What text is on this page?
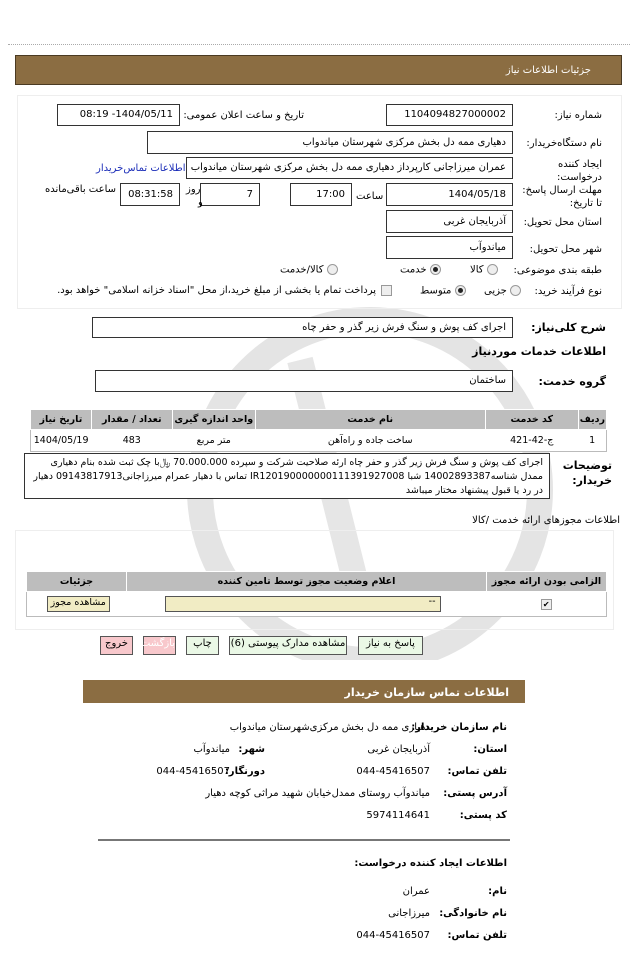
جزئیات اطلاعات نیاز
شماره نیاز:
1104094827000002
تاریخ و ساعت اعلان عمومی:
1404/05/11- 08:19
نام دستگاه‌خریدار:
دهیاری ممه دل بخش مرکزی شهرستان میاندواب
ایجاد کننده درخواست:
عمران میرزاجانی کارپرداز دهیاری ممه دل بخش مرکزی شهرستان میاندواب
اطلاعات تماس‌خریدار
مهلت ارسال پاسخ: تا تاریخ:
1404/05/18
ساعت
17:00
7
روز
و
08:31:58
ساعت باقی‌مانده
استان محل تحویل:
آذربایجان غربی
شهر محل تحویل:
میاندوآب
طبقه بندی موضوعی:
کالا
خدمت
کالا/خدمت
نوع فرآیند خرید:
جزیی
متوسط
پرداخت تمام یا بخشی از مبلغ خرید،از محل "اسناد خزانه اسلامی" خواهد بود.
شرح کلی‌نیاز:
اجرای کف پوش و سنگ فرش زیر گذر و حفر چاه
اطلاعات خدمات موردنیاز
گروه خدمت:
ساختمان
ردیف	کد خدمت	نام خدمت	واحد اندازه گیری	تعداد / مقدار	تاریخ نیاز
1	ج-42-421	ساخت جاده و راه‌آهن	متر مربع	483	1404/05/19
اجرای کف پوش و سنگ فرش زیر گذر و حفر چاه ارئه صلاحیت شرکت و سپرده 70.000.000 ﷼با چک ثبت شده بنام دهیاری ممدل شناسه14002893387 شبا IR120190000000111391927008 تماس با دهیار عمرام میرزاجانی09143817913 دهیار در رد یا قبول پیشنهاد مختار میباشد
توضیحات خریدار:
اطلاعات مجوزهای ارائه خدمت /کالا
الزامی بودن ارائه مجوز	اعلام وضعیت مجوز توسط تامین کننده	جزئیات
✔	--	مشاهده مجوز
پاسخ به نیاز
مشاهده مدارک پیوستی (6)
چاپ
بازگشت
خروج
اطلاعات تماس سازمان خریدار
نام سازمان خریدار:
دهیاری ممه دل بخش مرکزی‌شهرستان میاندواب
استان:
آذربایجان غربی
شهر:
میاندوآب
تلفن تماس:
044-45416507
دورنگار:
044-45416507
آدرس پستی:
میاندوآب روستای ممدل‌خیابان شهید مراثی کوچه دهیار
کد پستی:
5974114641
اطلاعات ایجاد کننده درخواست:
نام:
عمران
نام خانوادگی:
میرزاجانی
تلفن تماس:
044-45416507
